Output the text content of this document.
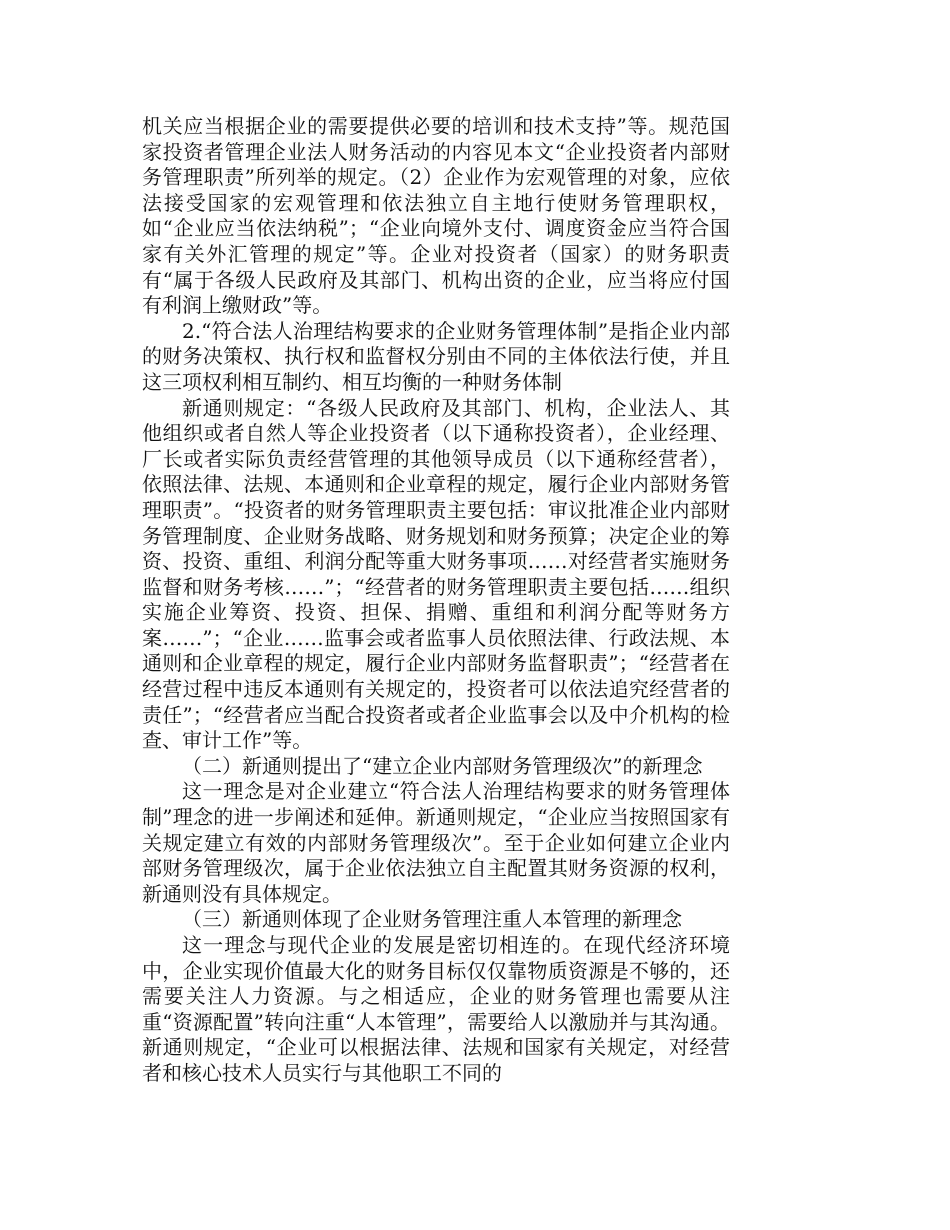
机关应当根据企业的需要提供必要的培训和技术支持”等。规范国家投资者管理企业法人财务活动的内容见本文“企业投资者内部财务管理职责”所列举的规定。（2）企业作为宏观管理的对象，应依法接受国家的宏观管理和依法独立自主地行使财务管理职权，如“企业应当依法纳税”；“企业向境外支付、调度资金应当符合国家有关外汇管理的规定”等。企业对投资者（国家）的财务职责有“属于各级人民政府及其部门、机构出资的企业，应当将应付国有利润上缴财政”等。

2.“符合法人治理结构要求的企业财务管理体制”是指企业内部的财务决策权、执行权和监督权分别由不同的主体依法行使，并且这三项权利相互制约、相互均衡的一种财务体制

新通则规定：“各级人民政府及其部门、机构，企业法人、其他组织或者自然人等企业投资者（以下通称投资者），企业经理、厂长或者实际负责经营管理的其他领导成员（以下通称经营者），依照法律、法规、本通则和企业章程的规定，履行企业内部财务管理职责”。“投资者的财务管理职责主要包括：审议批准企业内部财务管理制度、企业财务战略、财务规划和财务预算；决定企业的筹资、投资、重组、利润分配等重大财务事项……对经营者实施财务监督和财务考核……”；“经营者的财务管理职责主要包括……组织实施企业筹资、投资、担保、捐赠、重组和利润分配等财务方案……”；“企业……监事会或者监事人员依照法律、行政法规、本通则和企业章程的规定，履行企业内部财务监督职责”；“经营者在经营过程中违反本通则有关规定的，投资者可以依法追究经营者的责任”；“经营者应当配合投资者或者企业监事会以及中介机构的检查、审计工作”等。

（二）新通则提出了“建立企业内部财务管理级次”的新理念

这一理念是对企业建立“符合法人治理结构要求的财务管理体制”理念的进一步阐述和延伸。新通则规定，“企业应当按照国家有关规定建立有效的内部财务管理级次”。至于企业如何建立企业内部财务管理级次，属于企业依法独立自主配置其财务资源的权利，新通则没有具体规定。

（三）新通则体现了企业财务管理注重人本管理的新理念

这一理念与现代企业的发展是密切相连的。在现代经济环境中，企业实现价值最大化的财务目标仅仅靠物质资源是不够的，还需要关注人力资源。与之相适应，企业的财务管理也需要从注重“资源配置”转向注重“人本管理”，需要给人以激励并与其沟通。新通则规定，“企业可以根据法律、法规和国家有关规定，对经营者和核心技术人员实行与其他职工不同的
